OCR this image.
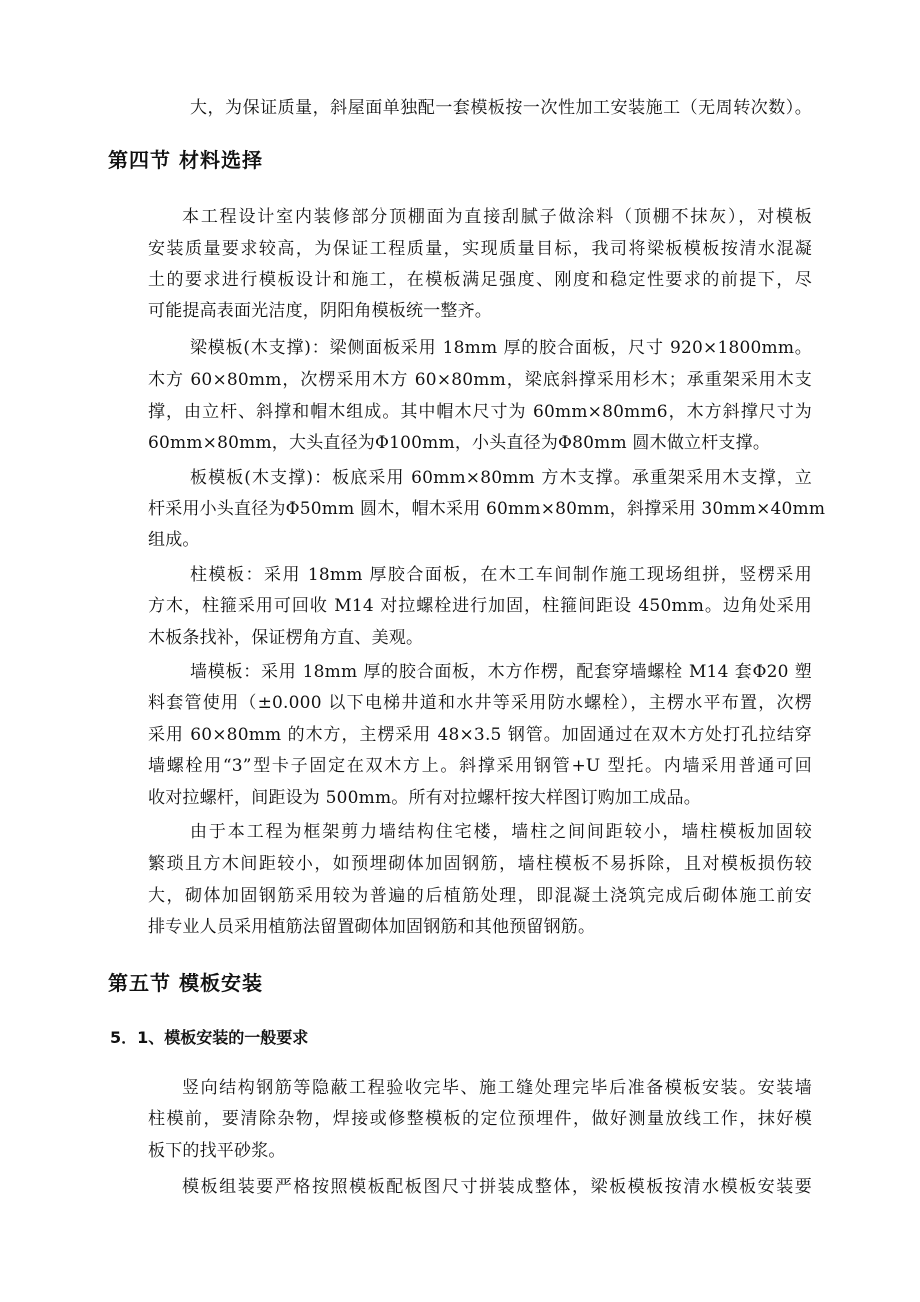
大，为保证质量，斜屋面单独配一套模板按一次性加工安装施工（无周转次数）。
第四节 材料选择
本工程设计室内装修部分顶棚面为直接刮腻子做涂料（顶棚不抹灰），对模板
安装质量要求较高，为保证工程质量，实现质量目标，我司将梁板模板按清水混凝
土的要求进行模板设计和施工，在模板满足强度、刚度和稳定性要求的前提下，尽
可能提高表面光洁度，阴阳角模板统一整齐。
梁模板(木支撑)：梁侧面板采用 18mm 厚的胶合面板，尺寸 920×1800mm。
木方 60×80mm，次楞采用木方 60×80mm，梁底斜撑采用杉木；承重架采用木支
撑，由立杆、斜撑和帽木组成。其中帽木尺寸为 60mm×80mm6，木方斜撑尺寸为
60mm×80mm，大头直径为Φ100mm，小头直径为Φ80mm 圆木做立杆支撑。
板模板(木支撑)：板底采用 60mm×80mm 方木支撑。承重架采用木支撑，立
杆采用小头直径为Φ50mm 圆木，帽木采用 60mm×80mm，斜撑采用 30mm×40mm
组成。
柱模板：采用 18mm 厚胶合面板，在木工车间制作施工现场组拼，竖楞采用
方木，柱箍采用可回收 M14 对拉螺栓进行加固，柱箍间距设 450mm。边角处采用
木板条找补，保证楞角方直、美观。
墙模板：采用 18mm 厚的胶合面板，木方作楞，配套穿墙螺栓 M14 套Φ20 塑
料套管使用（±0.000 以下电梯井道和水井等采用防水螺栓），主楞水平布置，次楞
采用 60×80mm 的木方，主楞采用 48×3.5 钢管。加固通过在双木方处打孔拉结穿
墙螺栓用“3”型卡子固定在双木方上。斜撑采用钢管+U 型托。内墙采用普通可回
收对拉螺杆，间距设为 500mm。所有对拉螺杆按大样图订购加工成品。
由于本工程为框架剪力墙结构住宅楼，墙柱之间间距较小，墙柱模板加固较
繁琐且方木间距较小，如预埋砌体加固钢筋，墙柱模板不易拆除，且对模板损伤较
大，砌体加固钢筋采用较为普遍的后植筋处理，即混凝土浇筑完成后砌体施工前安
排专业人员采用植筋法留置砌体加固钢筋和其他预留钢筋。
第五节 模板安装
5．1、模板安装的一般要求
竖向结构钢筋等隐蔽工程验收完毕、施工缝处理完毕后准备模板安装。安装墙
柱模前，要清除杂物，焊接或修整模板的定位预埋件，做好测量放线工作，抹好模
板下的找平砂浆。
模板组装要严格按照模板配板图尺寸拼装成整体，梁板模板按清水模板安装要
